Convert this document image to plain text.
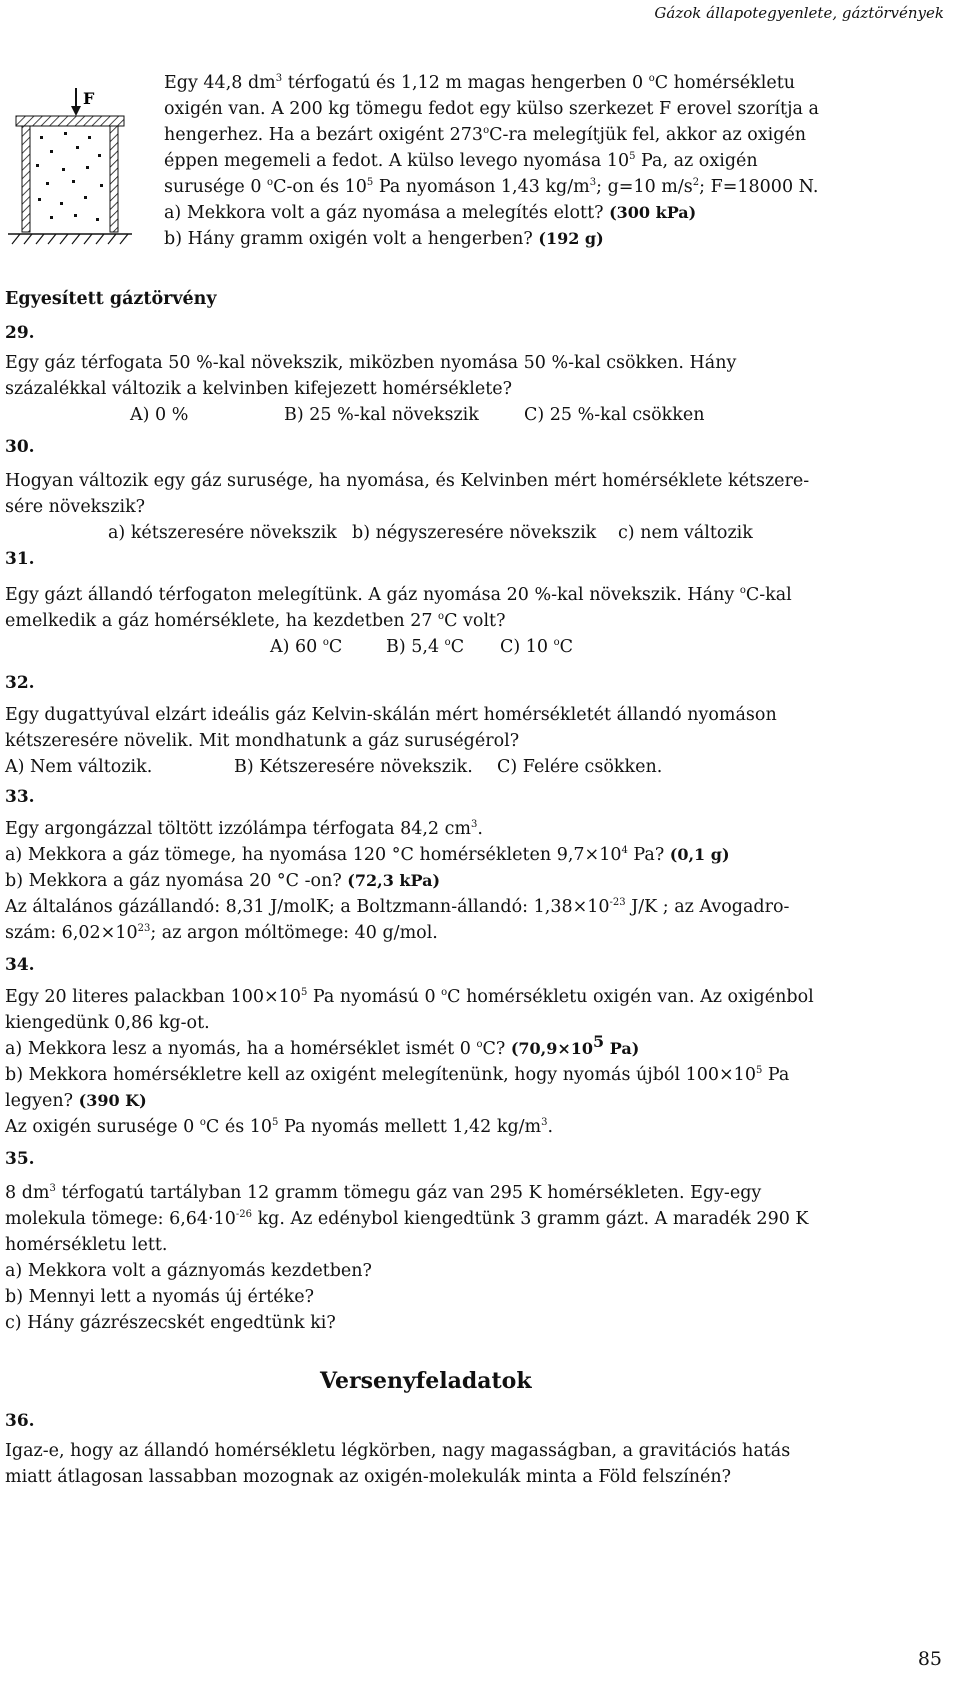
Gázok állapotegyenlete, gáztörvények
F
Egy 44,8 $dm^3$ térfogatú és 1,12 m magas hengerben 0 $^o$C homérsékletu
oxigén van. A 200 kg tömegu fedot egy külso szerkezet F erovel szorítja a
hengerhez. Ha a bezárt oxigént 273$^o$C-ra melegítjük fel, akkor az oxigén
éppen megemeli a fedot. A külso levego nyomása $10^5$ Pa, az oxigén
surusége 0 $^o$C-on és $10^5$ Pa nyomáson 1,43 $kg/m^3$; g=10 $m/s^2$; F=18000 N.
a) Mekkora volt a gáz nyomása a melegítés elott? (300 kPa)
b) Hány gramm oxigén volt a hengerben? (192 g)
Egyesített gáztörvény
29.
Egy gáz térfogata 50 %-kal növekszik, miközben nyomása 50 %-kal csökken. Hány
százalékkal változik a kelvinben kifejezett homérséklete?
A) 0 %	B) 25 %-kal növekszik	C) 25 %-kal csökken
30.
Hogyan változik egy gáz surusége, ha nyomása, és Kelvinben mért homérséklete kétszere-
sére növekszik?
a) kétszeresére növekszik b) négyszeresére növekszik c) nem változik
31.
Egy gázt állandó térfogaton melegítünk. A gáz nyomása 20 %-kal növekszik. Hány $^o$C-kal
emelkedik a gáz homérséklete, ha kezdetben 27 $^o$C volt?
A) 60 $^o$C B) 5,4 $^o$C C) 10 $^o$C
32.
Egy dugattyúval elzárt ideális gáz Kelvin-skálán mért homérsékletét állandó nyomáson
kétszeresére növelik. Mit mondhatunk a gáz suruségérol?
A) Nem változik.	B) Kétszeresére növekszik. C) Felére csökken.
33.
Egy argongázzal töltött izzólámpa térfogata 84,2 $cm^3$.
a) Mekkora a gáz tömege, ha nyomása 120 °C homérsékleten $9,7\times 10^4$ Pa? (0,1 g)
b) Mekkora a gáz nyomása 20 °C -on? (72,3 kPa)
Az általános gázállandó: 8,31 J/molK; a Boltzmann-állandó: $1,38\times 10^{-23}$ J/K ; az Avogadro-
szám: $6,02\times 10^{23}$; az argon móltömege: 40 g/mol.
34.
Egy 20 literes palackban $100\times 10^5$ Pa nyomású 0 $^o$C homérsékletu oxigén van. Az oxigénbol
kiengedünk 0,86 kg-ot.
a) Mekkora lesz a nyomás, ha a homérséklet ismét 0 $^o$C? ($70,9\times 10^5$ Pa)
b) Mekkora homérsékletre kell az oxigént melegítenünk, hogy nyomás újból $100\times 10^5$ Pa
legyen? (390 K)
Az oxigén surusége 0 $^o$C és $10^5$ Pa nyomás mellett 1,42 $kg/m^3$.
35.
8 $dm^3$ térfogatú tartályban 12 gramm tömegu gáz van 295 K homérsékleten. Egy-egy
molekula tömege: $6,64\cdot 10^{-26}$ kg. Az edénybol kiengedtünk 3 gramm gázt. A maradék 290 K
homérsékletu lett.
a) Mekkora volt a gáznyomás kezdetben?
b) Mennyi lett a nyomás új értéke?
c) Hány gázrészecskét engedtünk ki?
Versenyfeladatok
36.
Igaz-e, hogy az állandó homérsékletu légkörben, nagy magasságban, a gravitációs hatás
miatt átlagosan lassabban mozognak az oxigén-molekulák minta a Föld felszínén?
85
